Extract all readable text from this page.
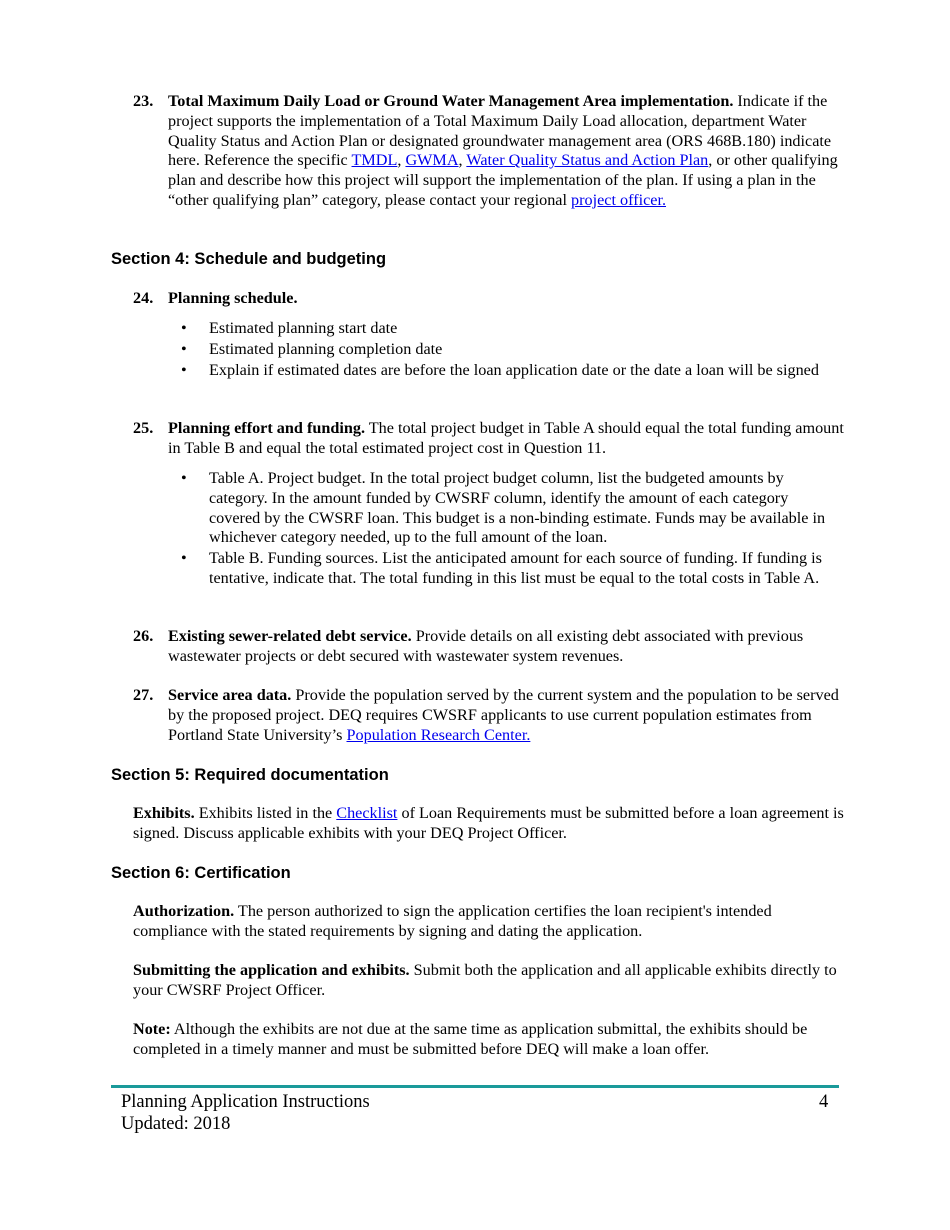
23. Total Maximum Daily Load or Ground Water Management Area implementation. Indicate if the project supports the implementation of a Total Maximum Daily Load allocation, department Water Quality Status and Action Plan or designated groundwater management area (ORS 468B.180) indicate here. Reference the specific TMDL, GWMA, Water Quality Status and Action Plan, or other qualifying plan and describe how this project will support the implementation of the plan. If using a plan in the “other qualifying plan” category, please contact your regional project officer.
Section 4: Schedule and budgeting
24. Planning schedule.
• Estimated planning start date
• Estimated planning completion date
• Explain if estimated dates are before the loan application date or the date a loan will be signed
25. Planning effort and funding. The total project budget in Table A should equal the total funding amount in Table B and equal the total estimated project cost in Question 11.
• Table A. Project budget. In the total project budget column, list the budgeted amounts by category. In the amount funded by CWSRF column, identify the amount of each category covered by the CWSRF loan. This budget is a non-binding estimate. Funds may be available in whichever category needed, up to the full amount of the loan.
• Table B. Funding sources. List the anticipated amount for each source of funding. If funding is tentative, indicate that. The total funding in this list must be equal to the total costs in Table A.
26. Existing sewer-related debt service. Provide details on all existing debt associated with previous wastewater projects or debt secured with wastewater system revenues.
27. Service area data. Provide the population served by the current system and the population to be served by the proposed project. DEQ requires CWSRF applicants to use current population estimates from Portland State University’s Population Research Center.
Section 5: Required documentation
Exhibits. Exhibits listed in the Checklist of Loan Requirements must be submitted before a loan agreement is signed. Discuss applicable exhibits with your DEQ Project Officer.
Section 6: Certification
Authorization. The person authorized to sign the application certifies the loan recipient's intended compliance with the stated requirements by signing and dating the application.
Submitting the application and exhibits. Submit both the application and all applicable exhibits directly to your CWSRF Project Officer.
Note: Although the exhibits are not due at the same time as application submittal, the exhibits should be completed in a timely manner and must be submitted before DEQ will make a loan offer.
Planning Application Instructions
Updated: 2018
4
